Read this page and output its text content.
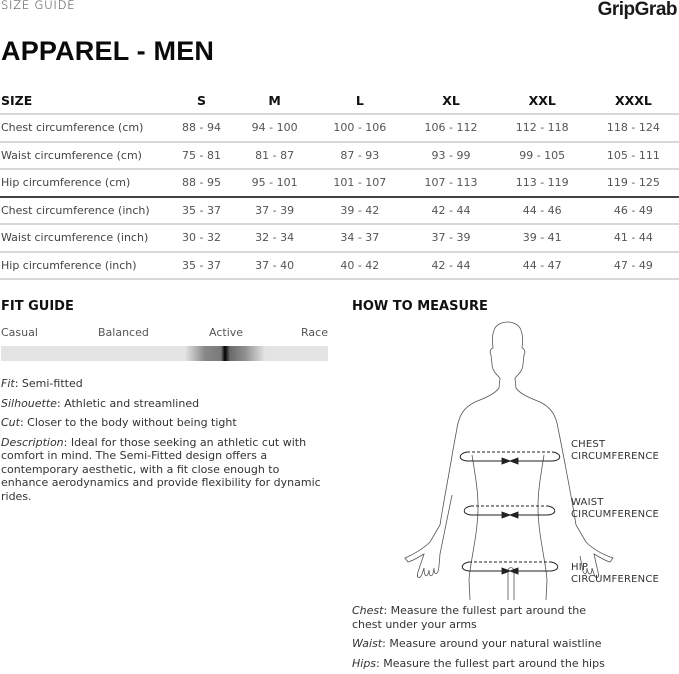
SIZE GUIDE	GripGrab
APPAREL - MEN
SIZE	S	M	L	XL	XXL	XXXL
Chest circumference (cm)	88 - 94	94 - 100	100 - 106	106 - 112	112 - 118	118 - 124
Waist circumference (cm)	75 - 81	81 - 87	87 - 93	93 - 99	99 - 105	105 - 111
Hip circumference (cm)	88 - 95	95 - 101	101 - 107	107 - 113	113 - 119	119 - 125
Chest circumference (inch)	35 - 37	37 - 39	39 - 42	42 - 44	44 - 46	46 - 49
Waist circumference (inch)	30 - 32	32 - 34	34 - 37	37 - 39	39 - 41	41 - 44
Hip circumference (inch)	35 - 37	37 - 40	40 - 42	42 - 44	44 - 47	47 - 49
FIT GUIDE
Casual	Balanced	Active	Race

Fit: Semi-fitted

Silhouette: Athletic and streamlined

Cut: Closer to the body without being tight

Description: Ideal for those seeking an athletic cut with comfort in mind. The Semi-Fitted design offers a contemporary aesthetic, with a fit close enough to enhance aerodynamics and provide flexibility for dynamic rides.

HOW TO MEASURE
CHEST
CIRCUMFERENCE
WAIST
CIRCUMFERENCE
HIP
CIRCUMFERENCE

Chest: Measure the fullest part around the chest under your arms

Waist: Measure around your natural waistline

Hips: Measure the fullest part around the hips
